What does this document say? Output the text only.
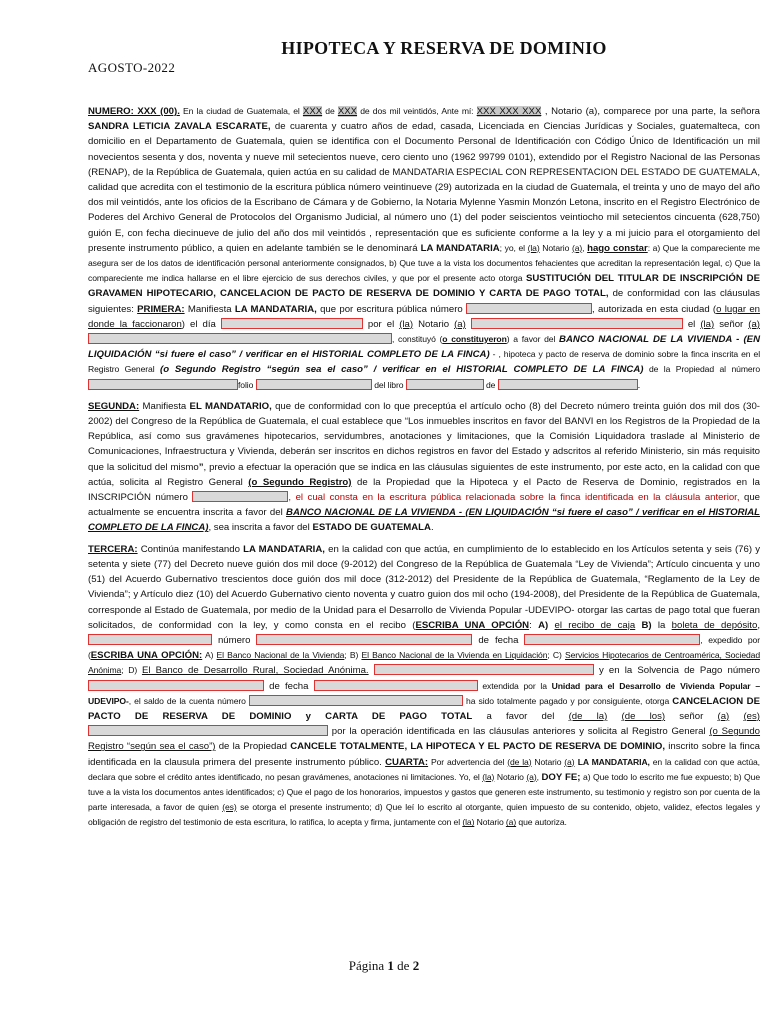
HIPOTECA Y RESERVA DE DOMINIO
AGOSTO-2022

NUMERO: XXX (00). En la ciudad de Guatemala, el XXX de XXX de dos mil veintidós, Ante mí: XXX XXX XXX , Notario (a), comparece por una parte, la señora SANDRA LETICIA ZAVALA ESCARATE, de cuarenta y cuatro años de edad, casada, Licenciada en Ciencias Jurídicas y Sociales, guatemalteca, con domicilio en el Departamento de Guatemala, quien se identifica con el Documento Personal de Identificación con Código Único de Identificación un mil novecientos sesenta y dos, noventa y nueve mil setecientos nueve, cero ciento uno (1962 99799 0101), extendido por el Registro Nacional de las Personas (RENAP), de la República de Guatemala, quien actúa en su calidad de MANDATARIA ESPECIAL CON REPRESENTACION DEL ESTADO DE GUATEMALA, calidad que acredita con el testimonio de la escritura pública número veintinueve (29) autorizada en la ciudad de Guatemala, el treinta y uno de mayo del año dos mil veintidós, ante los oficios de la Escribano de Cámara y de Gobierno, la Notaria Mylenne Yasmin Monzón Letona, inscrito en el Registro Electrónico de Poderes del Archivo General de Protocolos del Organismo Judicial, al número uno (1) del poder seiscientos veintiocho mil setecientos cincuenta (628,750) guión E, con fecha diecinueve de julio del año dos mil veintidós , representación que es suficiente conforme a la ley y a mi juicio para el otorgamiento del presente instrumento público, a quien en adelante también se le denominará LA MANDATARIA; yo, el (la) Notario (a), hago constar: a) Que la compareciente me asegura ser de los datos de identificación personal anteriormente consignados, b) Que tuve a la vista los documentos fehacientes que acreditan la representación legal, c) Que la compareciente me indica hallarse en el libre ejercicio de sus derechos civiles, y que por el presente acto otorga SUSTITUCIÓN DEL TITULAR DE INSCRIPCIÓN DE GRAVAMEN HIPOTECARIO, CANCELACION DE PACTO DE RESERVA DE DOMINIO Y CARTA DE PAGO TOTAL, de conformidad con las cláusulas siguientes: PRIMERA: Manifiesta LA MANDATARIA, que por escritura pública número	, autorizada en esta ciudad (o lugar en donde la faccionaron) el día	por el (la) Notario (a)	el (la) señor (a) , constituyó (o constituyeron) a favor del BANCO NACIONAL DE LA VIVIENDA - (EN LIQUIDACIÓN “si fuere el caso” / verificar en el HISTORIAL COMPLETO DE LA FINCA) - , hipoteca y pacto de reserva de dominio sobre la finca inscrita en el Registro General (o Segundo Registro “según sea el caso” / verificar en el HISTORIAL COMPLETO DE LA FINCA) de la Propiedad al número folio	del libro	de	.

SEGUNDA: Manifiesta EL MANDATARIO, que de conformidad con lo que preceptúa el artículo ocho (8) del Decreto número treinta guión dos mil dos (30-2002) del Congreso de la República de Guatemala, el cual establece que “Los inmuebles inscritos en favor del BANVI en los Registros de la Propiedad de la República, así como sus gravámenes hipotecarios, servidumbres, anotaciones y limitaciones, que la Comisión Liquidadora traslade al Ministerio de Comunicaciones, Infraestructura y Vivienda, deberán ser inscritos en dichos registros en favor del Estado y adscritos al referido Ministerio, sin más requisito que la solicitud del mismo”, previo a efectuar la operación que se indica en las cláusulas siguientes de este instrumento, por este acto, en la calidad con que actúa, solicita al Registro General (o Segundo Registro) de la Propiedad que la Hipoteca y el Pacto de Reserva de Dominio, registrados en la INSCRIPCIÓN número	, el cual consta en la escritura pública relacionada sobre la finca identificada en la cláusula anterior, que actualmente se encuentra inscrita a favor del BANCO NACIONAL DE LA VIVIENDA - (EN LIQUIDACIÓN “si fuere el caso” / verificar en el HISTORIAL COMPLETO DE LA FINCA), sea inscrita a favor del ESTADO DE GUATEMALA.

TERCERA: Continúa manifestando LA MANDATARIA, en la calidad con que actúa, en cumplimiento de lo establecido en los Artículos setenta y seis (76) y setenta y siete (77) del Decreto nueve guión dos mil doce (9-2012) del Congreso de la República de Guatemala “Ley de Vivienda”; Artículo cincuenta y uno (51) del Acuerdo Gubernativo trescientos doce guión dos mil doce (312-2012) del Presidente de la República de Guatemala, “Reglamento de la Ley de Vivienda”; y Artículo diez (10) del Acuerdo Gubernativo ciento noventa y cuatro guion dos mil ocho (194-2008), del Presidente de la República de Guatemala, corresponde al Estado de Guatemala, por medio de la Unidad para el Desarrollo de Vivienda Popular -UDEVIPO- otorgar las cartas de pago total que fueran solicitados, de conformidad con la ley, y como consta en el recibo (ESCRIBA UNA OPCIÓN: A) el recibo de caja B) la boleta de depósito,  número	de fecha	, expedido por (ESCRIBA UNA OPCIÓN: A) El Banco Nacional de la Vivienda; B) El Banco Nacional de la Vivienda en Liquidación; C) Servicios Hipotecarios de Centroamérica, Sociedad Anónima; D) El Banco de Desarrollo Rural, Sociedad Anónima.	y en la Solvencia de Pago número  de fecha	extendida por la Unidad para el Desarrollo de Vivienda Popular –UDEVIPO-, el saldo de la cuenta número	ha sido totalmente pagado y por consiguiente, otorga CANCELACION DE PACTO DE RESERVA DE DOMINIO y CARTA DE PAGO TOTAL a favor del (de la) (de los) señor (a) (es)  por la operación identificada en las cláusulas anteriores y solicita al Registro General (o Segundo Registro “según sea el caso”) de la Propiedad CANCELE TOTALMENTE, LA HIPOTECA Y EL PACTO DE RESERVA DE DOMINIO, inscrito sobre la finca identificada en la clausula primera del presente instrumento público. CUARTA: Por advertencia del (de la) Notario (a) LA MANDATARIA, en la calidad con que actúa, declara que sobre el crédito antes identificado, no pesan gravámenes, anotaciones ni limitaciones. Yo, el (la) Notario (a), DOY FE; a) Que todo lo escrito me fue expuesto; b) Que tuve a la vista los documentos antes identificados; c) Que el pago de los honorarios, impuestos y gastos que generen este instrumento, su testimonio y registro son por cuenta de la parte interesada, a favor de quien (es) se otorga el presente instrumento; d) Que leí lo escrito al otorgante, quien impuesto de su contenido, objeto, validez, efectos legales y obligación de registro del testimonio de esta escritura, lo ratifica, lo acepta y firma, juntamente con el (la) Notario (a) que autoriza.

Página 1 de 2
